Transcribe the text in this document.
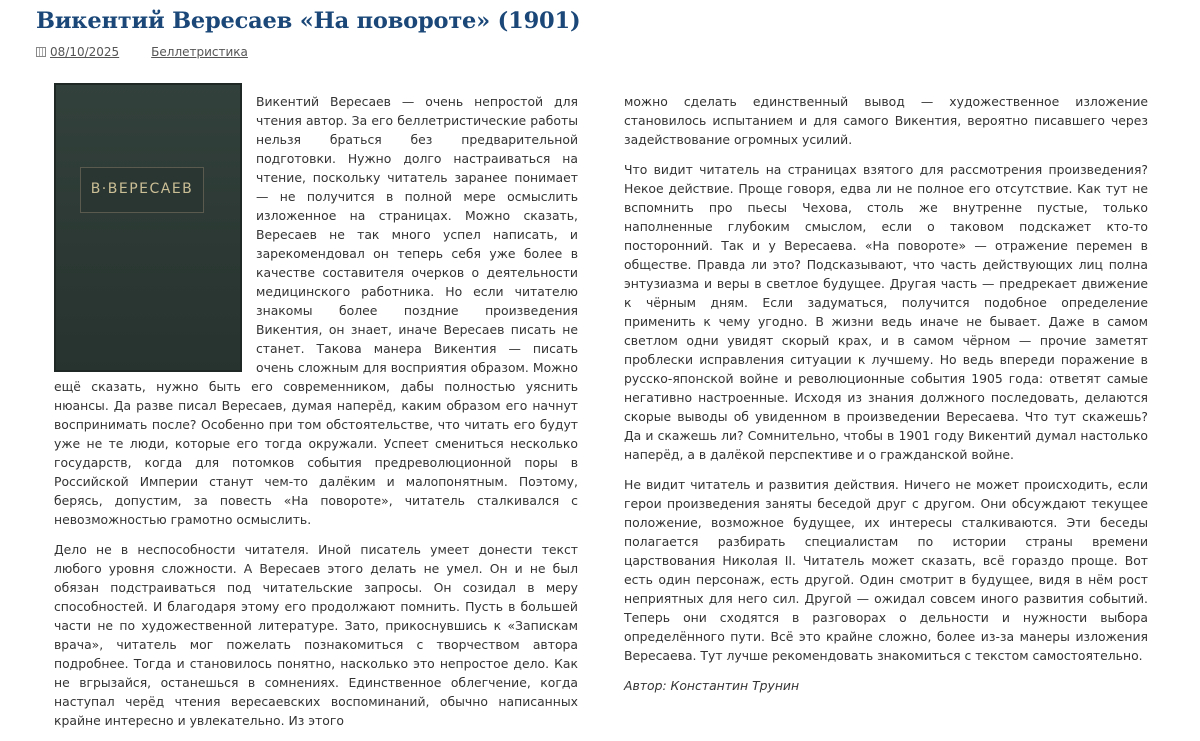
Викентий Вересаев «На повороте» (1901)
08/10/2025	Беллетристика
В·ВЕРЕСАЕВ

Викентий Вересаев — очень непростой для чтения автор. За его беллетристические работы нельзя браться без предварительной подготовки. Нужно долго настраиваться на чтение, поскольку читатель заранее понимает — не получится в полной мере осмыслить изложенное на страницах. Можно сказать, Вересаев не так много успел написать, и зарекомендовал он теперь себя уже более в качестве составителя очерков о деятельности медицинского работника. Но если читателю знакомы более поздние произведения Викентия, он знает, иначе Вересаев писать не станет. Такова манера Викентия — писать очень сложным для восприятия образом. Можно ещё сказать, нужно быть его современником, дабы полностью уяснить нюансы. Да разве писал Вересаев, думая наперёд, каким образом его начнут воспринимать после? Особенно при том обстоятельстве, что читать его будут уже не те люди, которые его тогда окружали. Успеет смениться несколько государств, когда для потомков события предреволюционной поры в Российской Империи станут чем-то далёким и малопонятным. Поэтому, берясь, допустим, за повесть «На повороте», читатель сталкивался с невозможностью грамотно осмыслить.

Дело не в неспособности читателя. Иной писатель умеет донести текст любого уровня сложности. А Вересаев этого делать не умел. Он и не был обязан подстраиваться под читательские запросы. Он созидал в меру способностей. И благодаря этому его продолжают помнить. Пусть в большей части не по художественной литературе. Зато, прикоснувшись к «Запискам врача», читатель мог пожелать познакомиться с творчеством автора подробнее. Тогда и становилось понятно, насколько это непростое дело. Как не вгрызайся, останешься в сомнениях. Единственное облегчение, когда наступал черёд чтения вересаевских воспоминаний, обычно написанных крайне интересно и увлекательно. Из этого

можно сделать единственный вывод — художественное изложение становилось испытанием и для самого Викентия, вероятно писавшего через задействование огромных усилий.

Что видит читатель на страницах взятого для рассмотрения произведения? Некое действие. Проще говоря, едва ли не полное его отсутствие. Как тут не вспомнить про пьесы Чехова, столь же внутренне пустые, только наполненные глубоким смыслом, если о таковом подскажет кто-то посторонний. Так и у Вересаева. «На повороте» — отражение перемен в обществе. Правда ли это? Подсказывают, что часть действующих лиц полна энтузиазма и веры в светлое будущее. Другая часть — предрекает движение к чёрным дням. Если задуматься, получится подобное определение применить к чему угодно. В жизни ведь иначе не бывает. Даже в самом светлом одни увидят скорый крах, и в самом чёрном — прочие заметят проблески исправления ситуации к лучшему. Но ведь впереди поражение в русско-японской войне и революционные события 1905 года: ответят самые негативно настроенные. Исходя из знания должного последовать, делаются скорые выводы об увиденном в произведении Вересаева. Что тут скажешь? Да и скажешь ли? Сомнительно, чтобы в 1901 году Викентий думал настолько наперёд, а в далёкой перспективе и о гражданской войне.

Не видит читатель и развития действия. Ничего не может происходить, если герои произведения заняты беседой друг с другом. Они обсуждают текущее положение, возможное будущее, их интересы сталкиваются. Эти беседы полагается разбирать специалистам по истории страны времени царствования Николая II. Читатель может сказать, всё гораздо проще. Вот есть один персонаж, есть другой. Один смотрит в будущее, видя в нём рост неприятных для него сил. Другой — ожидал совсем иного развития событий. Теперь они сходятся в разговорах о дельности и нужности выбора определённого пути. Всё это крайне сложно, более из-за манеры изложения Вересаева. Тут лучше рекомендовать знакомиться с текстом самостоятельно.

Автор: Константин Трунин
